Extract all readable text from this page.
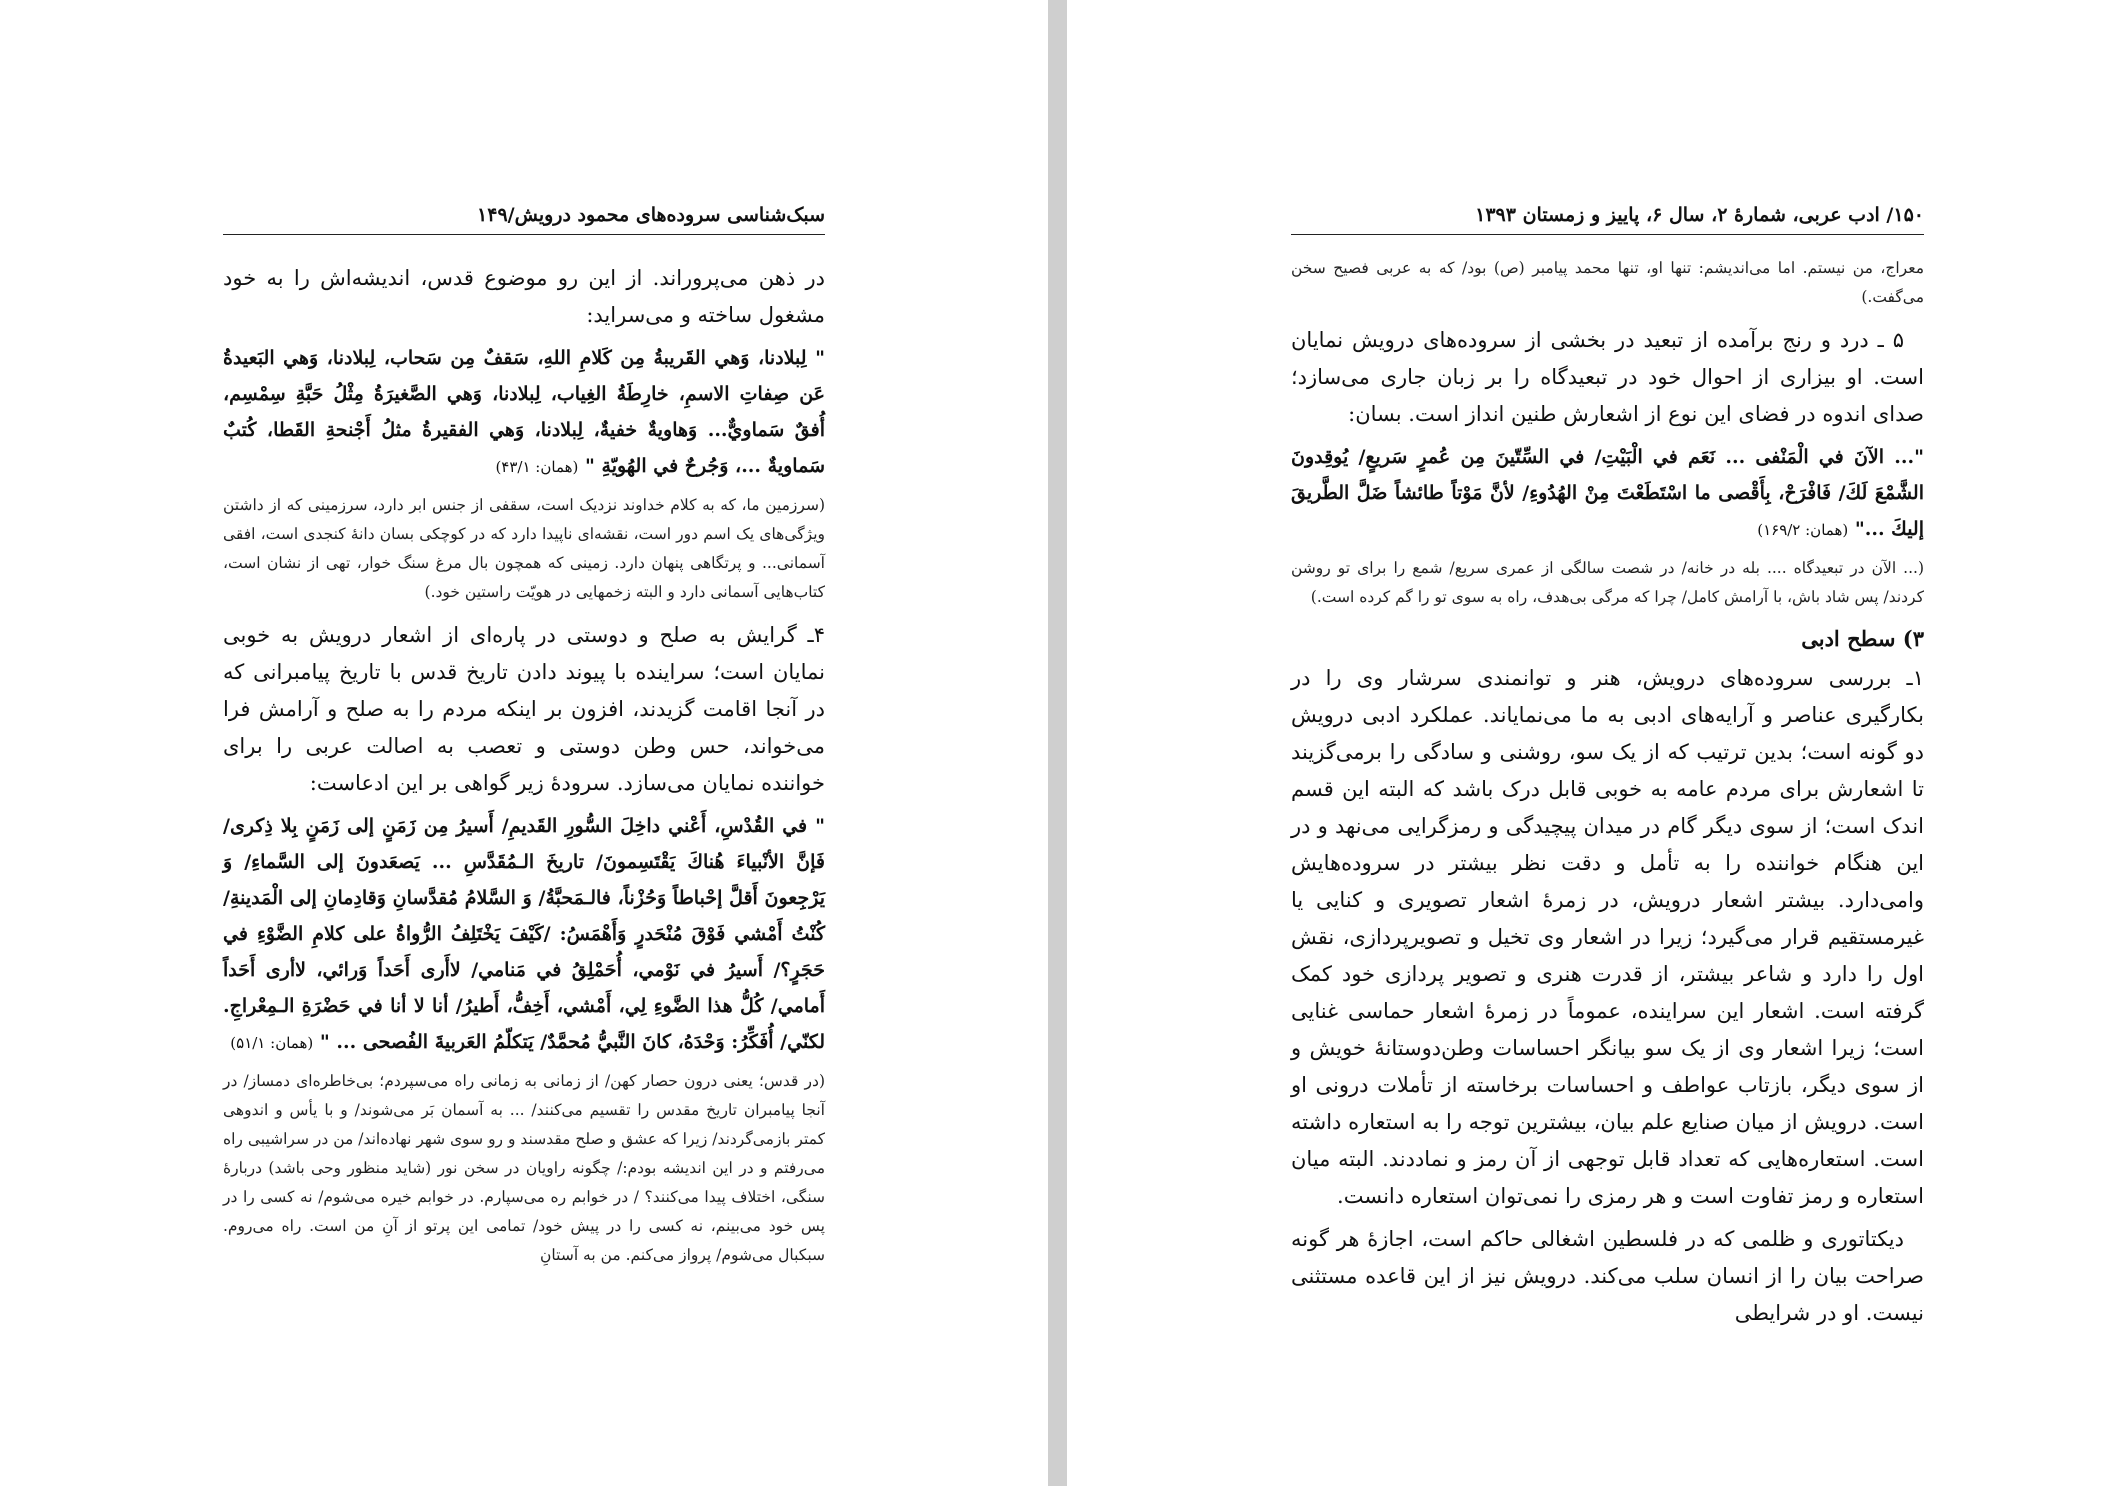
سبک‌شناسی سروده‌های محمود درویش/۱۴۹

در ذهن می‌پروراند. از این رو موضوع قدس، اندیشه‌اش را به خود مشغول ساخته و می‌سراید:

" لِبلادنا، وَهي القَريبةُ مِن كَلامِ اللهِ، سَقفٌ مِن سَحاب، لِبلادنا، وَهي البَعيدةُ عَن صِفاتِ الاسمِ، خارِطَةُ الغِياب، لِبلادنا، وَهي الصَّغيرَةُ مِثْلُ حَبَّةِ سِمْسِم، أُفقٌ سَماويٌّ... وَهاويةٌ خفيةٌ، لِبلادنا، وَهي الفقيرةُ مثلُ أَجْنحةِ القَطا، كُتبٌ سَماويةٌ ...، وَجُرحٌ في الهُويّةِ " (همان: ۴۳/۱)

(سرزمین ما، که به کلام خداوند نزدیک است، سقفی از جنس ابر دارد، سرزمینی که از داشتن ویژگی‌های یک اسم دور است، نقشه‌ای ناپیدا دارد که در کوچکی بسان دانهٔ کنجدی است، افقی آسمانی... و پرتگاهی پنهان دارد. زمینی که همچون بال مرغ سنگ خوار، تهی از نشان است، کتاب‌هایی آسمانی دارد و البته زخمهایی در هویّت راستین خود.)

۴ـ گرایش به صلح و دوستی در پاره‌ای از اشعار درویش به خوبی نمایان است؛ سراینده با پیوند دادن تاریخ قدس با تاریخ پیامبرانی که در آنجا اقامت گزیدند، افزون بر اینکه مردم را به صلح و آرامش فرا می‌خواند، حس وطن دوستی و تعصب به اصالت عربی را برای خواننده نمایان می‌سازد. سرودهٔ زیر گواهی بر این ادعاست:

" في القُدْسِ، أَعْني داخِلَ السُّورِ القَديمِ/ أَسيرُ مِن زَمَنٍ إلى زَمَنٍ بِلا ذِكرى/ فَإنَّ الأنْبياءَ هُناكَ يَقْتَسِمونَ/ تاريخَ الـمُقَدَّسِ ... يَصعَدونَ إلى السَّماءِ/ وَ يَرْجِعونَ أَقلَّ إحْباطاً وَحُزْناً، فالـمَحبَّةُ/ وَ السَّلامُ مُقدَّسانِ وَقادِمانِ إلى الْمَدينةِ/ كُنْتُ أَمْشي فَوْقَ مُنْحَدرٍ وَأَهْمَسُ: /كَيْفَ يَخْتَلِفُ الرُّواةُ على كلامِ الضَّوْءِ في حَجَرٍ؟/ أَسيرُ في نَوْمي، أُحَمْلِقُ في مَنامي/ لاأَرى أَحَداً وَرائي، لاأرى أَحَداً أَمامي/ كُلُّ هذا الضَّوءِ لِي، أَمْشي، أَخِفُّ، أَطيرُ/ أنا لا أنا في حَضْرَةِ الـمِعْراجِ. لكنّي/ أُفَكِّرُ: وَحْدَهُ، كانَ النَّبيُّ مُحمَّدٌ/ يَتكلّمُ العَربيةَ الفُصحى ... " (همان: ۵۱/۱)

(در قدس؛ یعنی درون حصار کهن/ از زمانی به زمانی راه می‌سپردم؛ بی‌خاطره‌ای دمساز/ در آنجا پیامبران تاریخ مقدس را تقسیم می‌کنند/ ... به آسمان بَر می‌شوند/ و با یأس و اندوهی کمتر بازمی‌گردند/ زیرا که عشق و صلح مقدسند و رو سوی شهر نهاده‌اند/ من در سراشیبی راه می‌رفتم و در این اندیشه بودم:/ چگونه راویان در سخن نور (شاید منظور وحی باشد) دربارهٔ سنگی، اختلاف پیدا می‌کنند؟ / در خوابم ره می‌سپارم. در خوابم خیره می‌شوم/ نه کسی را در پس خود می‌بینم، نه کسی را در پیش خود/ تمامی این پرتو از آنِ من است. راه می‌روم. سبکبال می‌شوم/ پرواز می‌کنم. من به آستانِ

۱۵۰/ ادب عربی، شمارهٔ ۲، سال ۶، پاییز و زمستان ۱۳۹۳

معراج، من نیستم. اما می‌اندیشم: تنها او، تنها محمد پیامبر (ص) بود/ که به عربی فصیح سخن می‌گفت.)

۵ ـ درد و رنج برآمده از تبعید در بخشی از سروده‌های درویش نمایان است. او بیزاری از احوال خود در تبعیدگاه را بر زبان جاری می‌سازد؛ صدای اندوه در فضای این نوع از اشعارش طنین انداز است. بسان:

"... الآنَ في الْمَنْفى ... نَعَم في الْبَيْتِ/ في السِّتّينَ مِن عُمرٍ سَريعٍ/ يُوقِدونَ الشَّمْعَ لَكَ/ فَافْرَحْ، بِأَقْصى ما اسْتَطَعْتَ مِنْ الهُدُوءِ/ لأنَّ مَوْتاً طائشاً ضَلَّ الطَّريقَ إليكَ ..." (همان: ۱۶۹/۲)

(... الآن در تبعیدگاه .... بله در خانه/ در شصت سالگی از عمری سریع/ شمع را برای تو روشن کردند/ پس شاد باش، با آرامش کامل/ چرا که مرگی بی‌هدف، راه به سوی تو را گم کرده است.)

۳) سطح ادبی

۱ـ بررسی سروده‌های درویش، هنر و توانمندی سرشار وی را در بکارگیری عناصر و آرایه‌های ادبی به ما می‌نمایاند. عملکرد ادبی درویش دو گونه است؛ بدین ترتیب که از یک سو، روشنی و سادگی را برمی‌گزیند تا اشعارش برای مردم عامه به خوبی قابل درک باشد که البته این قسم اندک است؛ از سوی دیگر گام در میدان پیچیدگی و رمزگرایی می‌نهد و در این هنگام خواننده را به تأمل و دقت نظر بیشتر در سروده‌هایش وامی‌دارد. بیشتر اشعار درویش، در زمرهٔ اشعار تصویری و کنایی یا غیرمستقیم قرار می‌گیرد؛ زیرا در اشعار وی تخیل و تصویرپردازی، نقش اول را دارد و شاعر بیشتر، از قدرت هنری و تصویر پردازی خود کمک گرفته است. اشعار این سراینده، عموماً در زمرهٔ اشعار حماسی غنایی است؛ زیرا اشعار وی از یک سو بیانگر احساسات وطن‌دوستانهٔ خویش و از سوی دیگر، بازتاب عواطف و احساسات برخاسته از تأملات درونی او است. درویش از میان صنایع علم بیان، بیشترین توجه را به استعاره داشته است. استعاره‌هایی که تعداد قابل توجهی از آن رمز و نماددند. البته میان استعاره و رمز تفاوت است و هر رمزی را نمی‌توان استعاره دانست.

دیکتاتوری و ظلمی که در فلسطین اشغالی حاکم است، اجازهٔ هر گونه صراحت بیان را از انسان سلب می‌کند. درویش نیز از این قاعده مستثنی نیست. او در شرایطی
